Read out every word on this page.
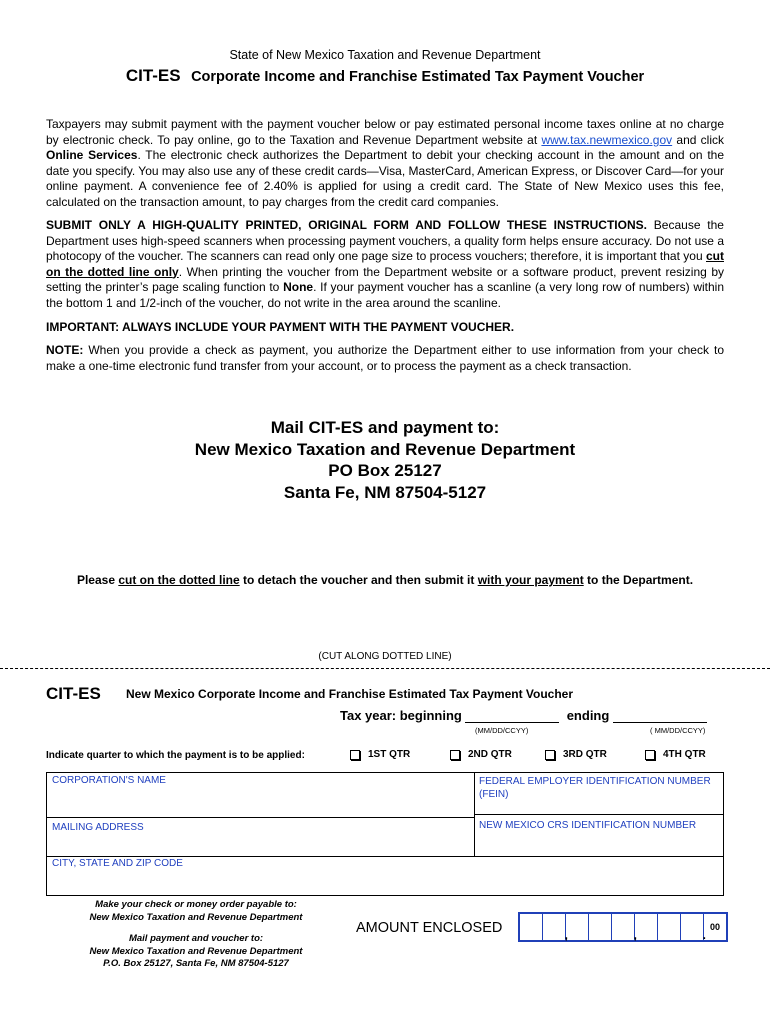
State of New Mexico Taxation and Revenue Department
CIT-ES Corporate Income and Franchise Estimated Tax Payment Voucher
Taxpayers may submit payment with the payment voucher below or pay estimated personal income taxes online at no charge by electronic check. To pay online, go to the Taxation and Revenue Department website at www.tax.newmexico.gov and click Online Services. The electronic check authorizes the Department to debit your checking account in the amount and on the date you specify. You may also use any of these credit cards—Visa, MasterCard, American Express, or Discover Card—for your online payment. A convenience fee of 2.40% is applied for using a credit card. The State of New Mexico uses this fee, calculated on the transaction amount, to pay charges from the credit card companies.
SUBMIT ONLY A HIGH-QUALITY PRINTED, ORIGINAL FORM AND FOLLOW THESE INSTRUCTIONS. Because the Department uses high-speed scanners when processing payment vouchers, a quality form helps ensure accuracy. Do not use a photocopy of the voucher. The scanners can read only one page size to process vouchers; therefore, it is important that you cut on the dotted line only. When printing the voucher from the Department website or a software product, prevent resizing by setting the printer’s page scaling function to None. If your payment voucher has a scanline (a very long row of numbers) within the bottom 1 and 1/2-inch of the voucher, do not write in the area around the scanline.
IMPORTANT: ALWAYS INCLUDE YOUR PAYMENT WITH THE PAYMENT VOUCHER.
NOTE: When you provide a check as payment, you authorize the Department either to use information from your check to make a one-time electronic fund transfer from your account, or to process the payment as a check transaction.
Mail CIT-ES and payment to:
New Mexico Taxation and Revenue Department
PO Box 25127
Santa Fe, NM 87504-5127
Please cut on the dotted line to detach the voucher and then submit it with your payment to the Department.
(CUT ALONG DOTTED LINE)
CIT-ES New Mexico Corporate Income and Franchise Estimated Tax Payment Voucher
Tax year: beginning	ending
(MM/DD/CCYY)	( MM/DD/CCYY)
Indicate quarter to which the payment is to be applied:	1ST QTR	2ND QTR	3RD QTR	4TH QTR
CORPORATION'S NAME	FEDERAL EMPLOYER IDENTIFICATION NUMBER (FEIN)
MAILING ADDRESS	NEW MEXICO CRS IDENTIFICATION NUMBER
CITY, STATE AND ZIP CODE
Make your check or money order payable to:
New Mexico Taxation and Revenue Department
Mail payment and voucher to:
New Mexico Taxation and Revenue Department
P.O. Box 25127, Santa Fe, NM 87504-5127
AMOUNT ENCLOSED	,	,	.
00
